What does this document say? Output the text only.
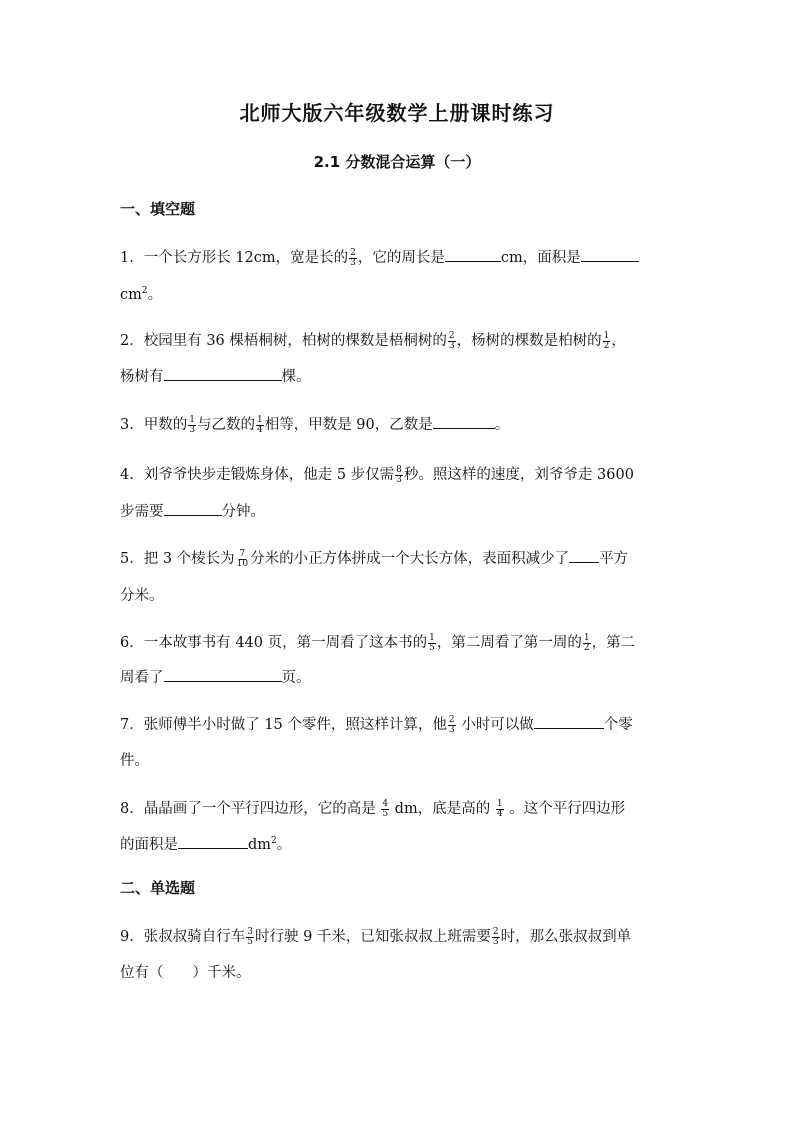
北师大版六年级数学上册课时练习
2.1 分数混合运算（一）
一、填空题
1．一个长方形长 12cm，宽是长的 $\frac{2}{3}$ ，它的周长是	cm，面积是
$cm^2$。
2．校园里有 36 棵梧桐树，柏树的棵数是梧桐树的 $\frac{2}{3}$ ，杨树的棵数是柏树的 $\frac{1}{2}$ ，
杨树有	棵。
3．甲数的 $\frac{1}{3}$ 与乙数的 $\frac{1}{4}$ 相等，甲数是 90，乙数是	。
4．刘爷爷快步走锻炼身体，他走 5 步仅需 $\frac{8}{3}$ 秒。照这样的速度，刘爷爷走 3600
步需要	分钟。
5．把 3 个棱长为 $\frac{7}{10}$ 分米的小正方体拼成一个大长方体，表面积减少了 平方
分米。
6．一本故事书有 440 页，第一周看了这本书的 $\frac{1}{5}$ ，第二周看了第一周的 $\frac{1}{2}$ ，第二
周看了	页。
7．张师傅半小时做了 15 个零件，照这样计算，他 $\frac{2}{3}$ 小时可以做	个零
件。
8．晶晶画了一个平行四边形，它的高是 $\frac{4}{5}$ dm，底是高的 $\frac{1}{4}$ 。这个平行四边形
的面积是	$dm^2$。
二、单选题
9．张叔叔骑自行车 $\frac{3}{5}$ 时行驶 9 千米，已知张叔叔上班需要 $\frac{2}{3}$ 时，那么张叔叔到单
位有（　　）千米。
